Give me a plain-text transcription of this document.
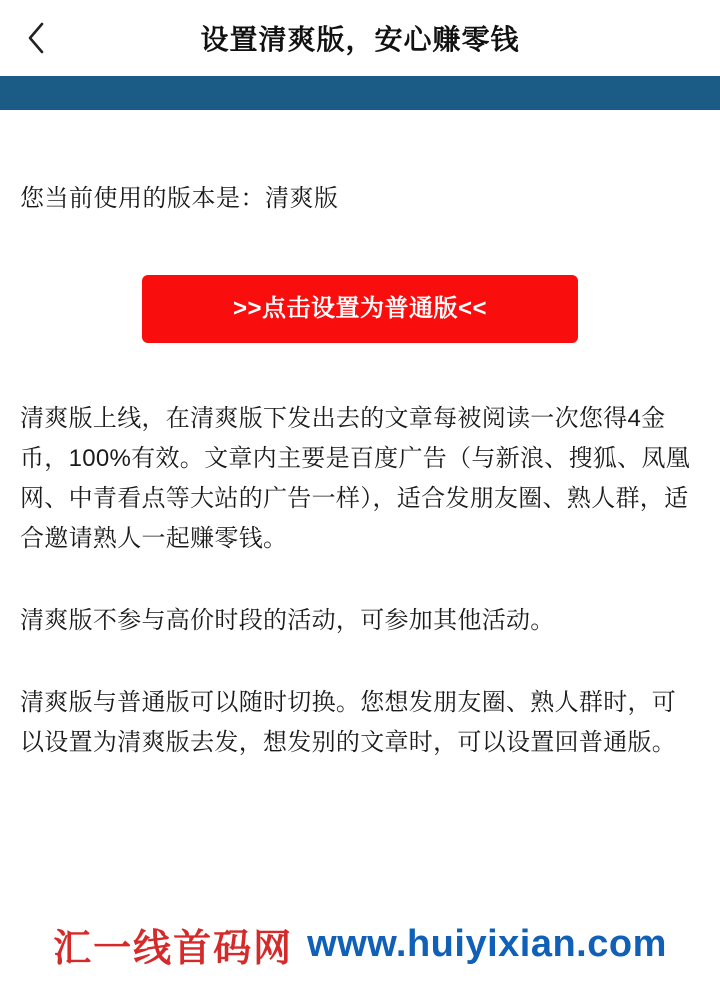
设置清爽版，安心赚零钱
您当前使用的版本是：清爽版
>>点击设置为普通版<<
清爽版上线，在清爽版下发出去的文章每被阅读一次您得4金币，100%有效。文章内主要是百度广告（与新浪、搜狐、凤凰网、中青看点等大站的广告一样），适合发朋友圈、熟人群，适合邀请熟人一起赚零钱。
清爽版不参与高价时段的活动，可参加其他活动。
清爽版与普通版可以随时切换。您想发朋友圈、熟人群时，可以设置为清爽版去发，想发别的文章时，可以设置回普通版。
汇一线首码网 www.huiyixian.com
